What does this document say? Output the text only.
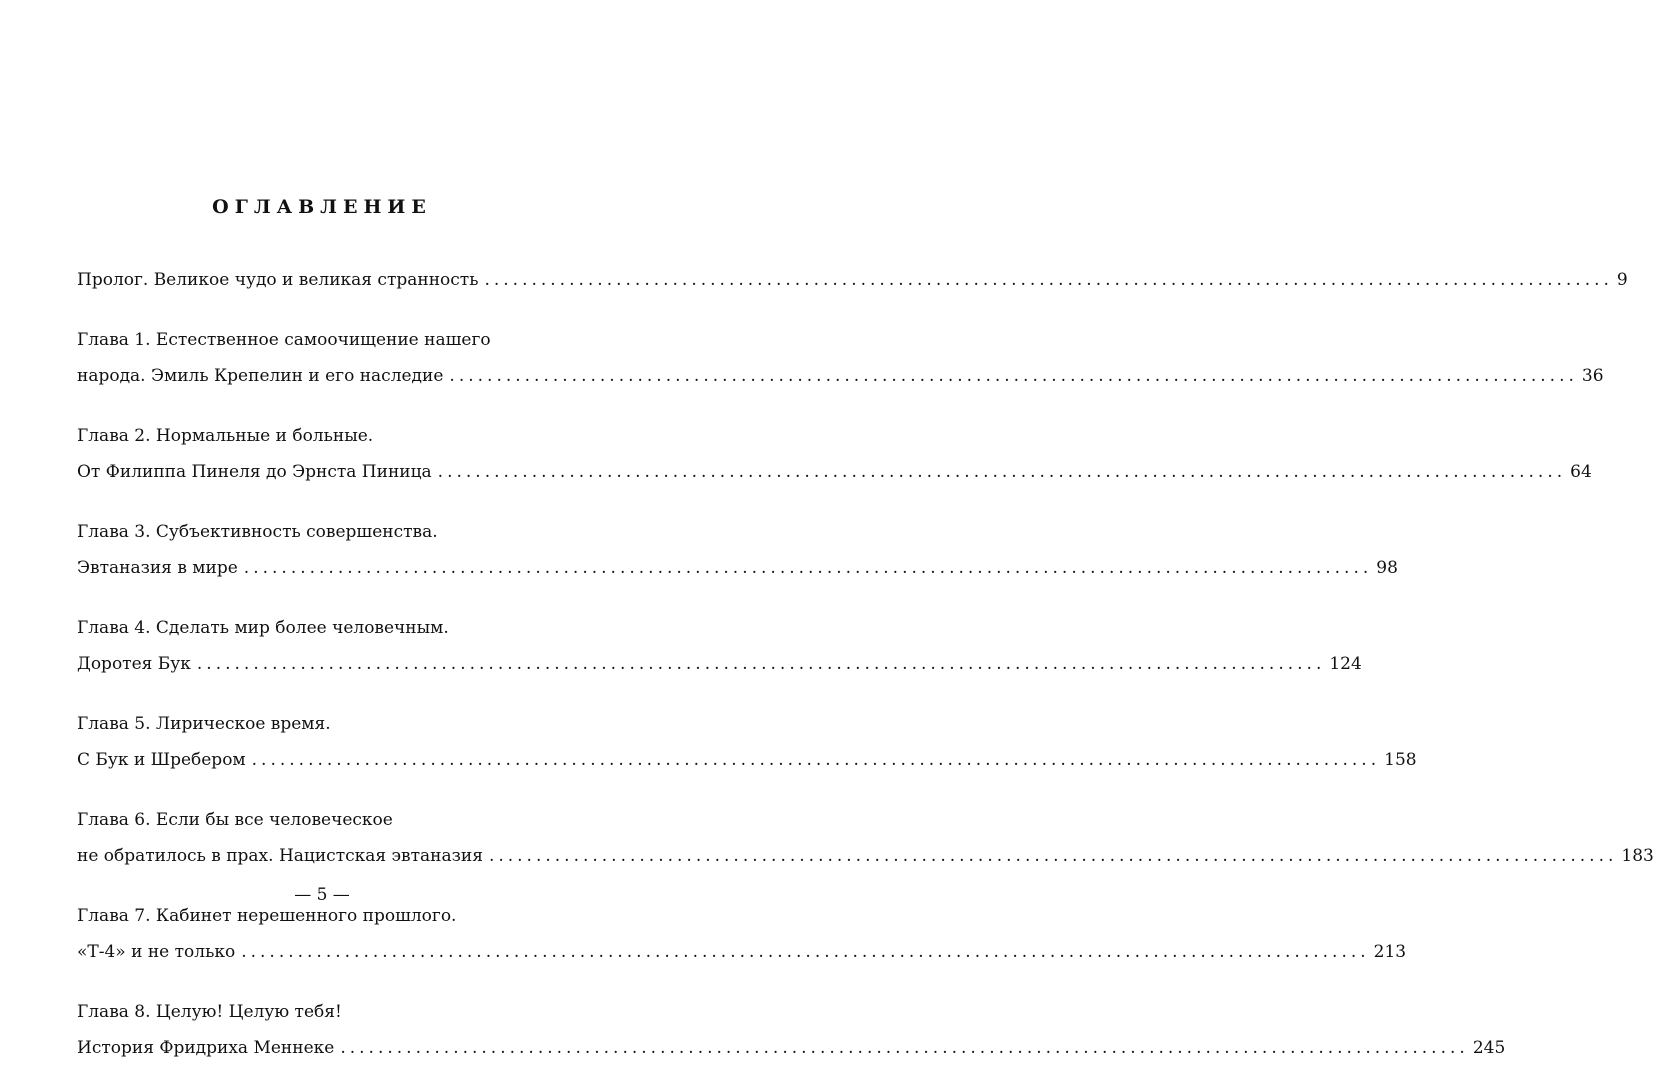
ОГЛАВЛЕНИЕ
Пролог. Великое чудо и великая странность ........................................................................................................................ 9
Глава 1. Естественное самоочищение нашего
народа. Эмиль Крепелин и его наследие ........................................................................................................................ 36
Глава 2. Нормальные и больные.
От Филиппа Пинеля до Эрнста Пиница ........................................................................................................................ 64
Глава 3. Субъективность совершенства.
Эвтаназия в мире ........................................................................................................................ 98
Глава 4. Сделать мир более человечным.
Доротея Бук ........................................................................................................................ 124
Глава 5. Лирическое время.
С Бук и Шребером ........................................................................................................................ 158
Глава 6. Если бы все человеческое
не обратилось в прах. Нацистская эвтаназия ........................................................................................................................ 183
Глава 7. Кабинет нерешенного прошлого.
«Т-4» и не только ........................................................................................................................ 213
Глава 8. Целую! Целую тебя!
История Фридриха Меннеке ........................................................................................................................ 245
— 5 —
